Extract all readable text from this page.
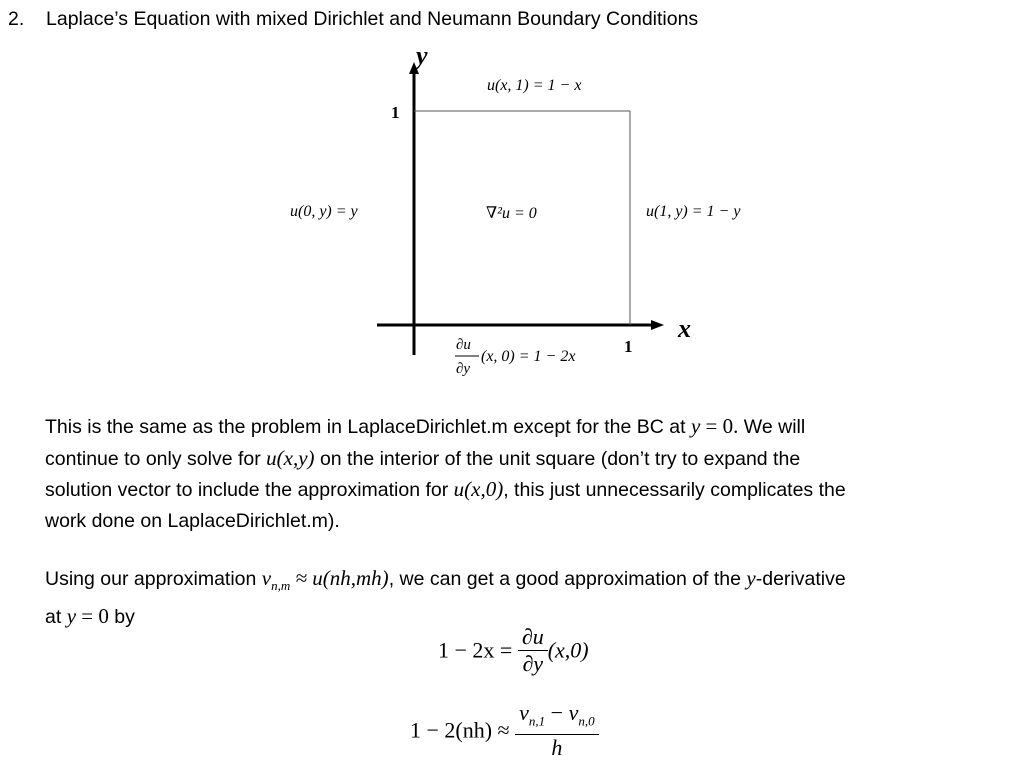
2. Laplace’s Equation with mixed Dirichlet and Neumann Boundary Conditions
y
x
1
1
u(x, 1) = 1 − x
u(0, y) = y	∇²u = 0	u(1, y) = 1 − y
∂u
∂y
(x, 0) = 1 − 2x
This is the same as the problem in LaplaceDirichlet.m except for the BC at y = 0. We will
continue to only solve for u(x,y) on the interior of the unit square (don’t try to expand the
solution vector to include the approximation for u(x,0), this just unnecessarily complicates the
work done on LaplaceDirichlet.m).
Using our approximation $v_{n,m} \approx u(nh,mh)$, we can get a good approximation of the y-derivative
at y = 0 by
$1 - 2x = \frac{\partial u}{\partial y} (x,0)$
$1 - 2(nh) \approx \frac{v_{n,1} - v_{n,0}}{h}$
